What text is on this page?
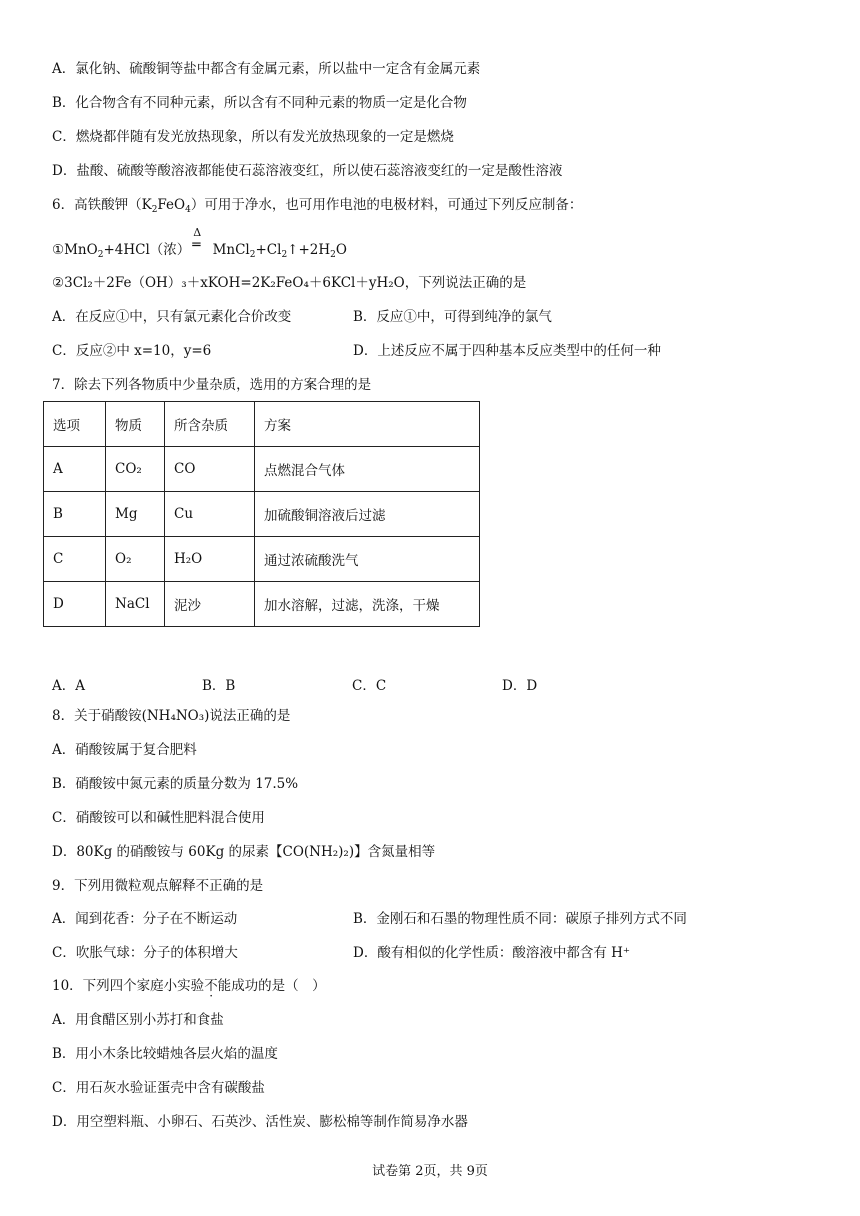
A．氯化钠、硫酸铜等盐中都含有金属元素，所以盐中一定含有金属元素
B．化合物含有不同种元素，所以含有不同种元素的物质一定是化合物
C．燃烧都伴随有发光放热现象，所以有发光放热现象的一定是燃烧
D．盐酸、硫酸等酸溶液都能使石蕊溶液变红，所以使石蕊溶液变红的一定是酸性溶液
6．高铁酸钾$(K_2FeO_4)$可用于净水，也可用作电池的电极材料，可通过下列反应制备：
①MnO$_2$+4HCl（浓）
Δ
═ $MnCl_2+Cl_2↑+2H_2O$
②3Cl₂＋2Fe（OH）₃＋xKOH=2K₂FeO₄＋6KCl＋yH₂O，下列说法正确的是
A．在反应①中，只有氯元素化合价改变	B．反应①中，可得到纯净的氯气
C．反应②中 x=10，y=6	D．上述反应不属于四种基本反应类型中的任何一种
7．除去下列各物质中少量杂质，选用的方案合理的是
选项	物质	所含杂质	方案
A	CO₂	CO	点燃混合气体
B	Mg	Cu	加硫酸铜溶液后过滤
C	O₂	H₂O	通过浓硫酸洗气
D	NaCl	泥沙	加水溶解，过滤，洗涤，干燥
A．A	B．B	C．C	D．D
8．关于硝酸铵(NH₄NO₃)说法正确的是
A．硝酸铵属于复合肥料
B．硝酸铵中氮元素的质量分数为 17.5%
C．硝酸铵可以和碱性肥料混合使用
D．80Kg 的硝酸铵与 60Kg 的尿素【CO(NH₂)₂)】含氮量相等
9．下列用微粒观点解释不正确的是
A．闻到花香：分子在不断运动	B．金刚石和石墨的物理性质不同：碳原子排列方式不同
C．吹胀气球：分子的体积增大	D．酸有相似的化学性质：酸溶液中都含有 H⁺
10．下列四个家庭小实验不能成功的是（　）
A．用食醋区别小苏打和食盐
B．用小木条比较蜡烛各层火焰的温度
C．用石灰水验证蛋壳中含有碳酸盐
D．用空塑料瓶、小卵石、石英沙、活性炭、膨松棉等制作简易净水器
试卷第 2页，共 9页
